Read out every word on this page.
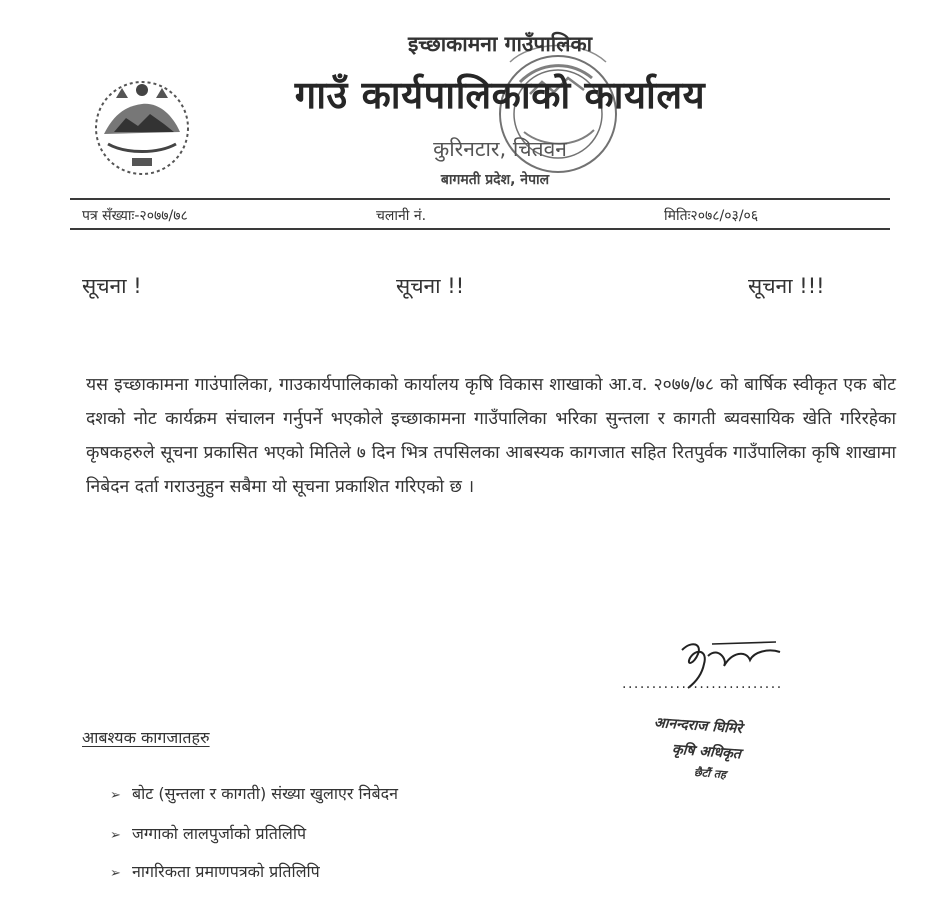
इच्छाकामना गाउँपालिका
गाउँ कार्यपालिकाको कार्यालय
कुरिनटार, चितवन
बागमती प्रदेश, नेपाल
पत्र सँख्याः-२०७७/७८	चलानी नं.	मितिः२०७८/०३/०६
सूचना !	सूचना !!	सूचना !!!
यस इच्छाकामना गाउंपालिका, गाउकार्यपालिकाको कार्यालय कृषि विकास शाखाको आ.व. २०७७/७८ को बार्षिक स्वीकृत एक बोट दशको नोट कार्यक्रम संचालन गर्नुपर्ने भएकोले इच्छाकामना गाउँपालिका भरिका सुन्तला र कागती ब्यवसायिक खेति गरिरहेका कृषकहरुले सूचना प्रकासित भएको मितिले ७ दिन भित्र तपसिलका आबस्यक कागजात सहित रितपुर्वक गाउँपालिका कृषि शाखामा निबेदन दर्ता गराउनुहुन सबैमा यो सूचना प्रकाशित गरिएको छ ।
...........................
आनन्दराज घिमिरे
कृषि अधिकृत
छैटौं तह
आबश्यक कागजातहरु
➢ बोट (सुन्तला र कागती) संख्या खुलाएर निबेदन
➢ जग्गाको लालपुर्जाको प्रतिलिपि
➢ नागरिकता प्रमाणपत्रको प्रतिलिपि
